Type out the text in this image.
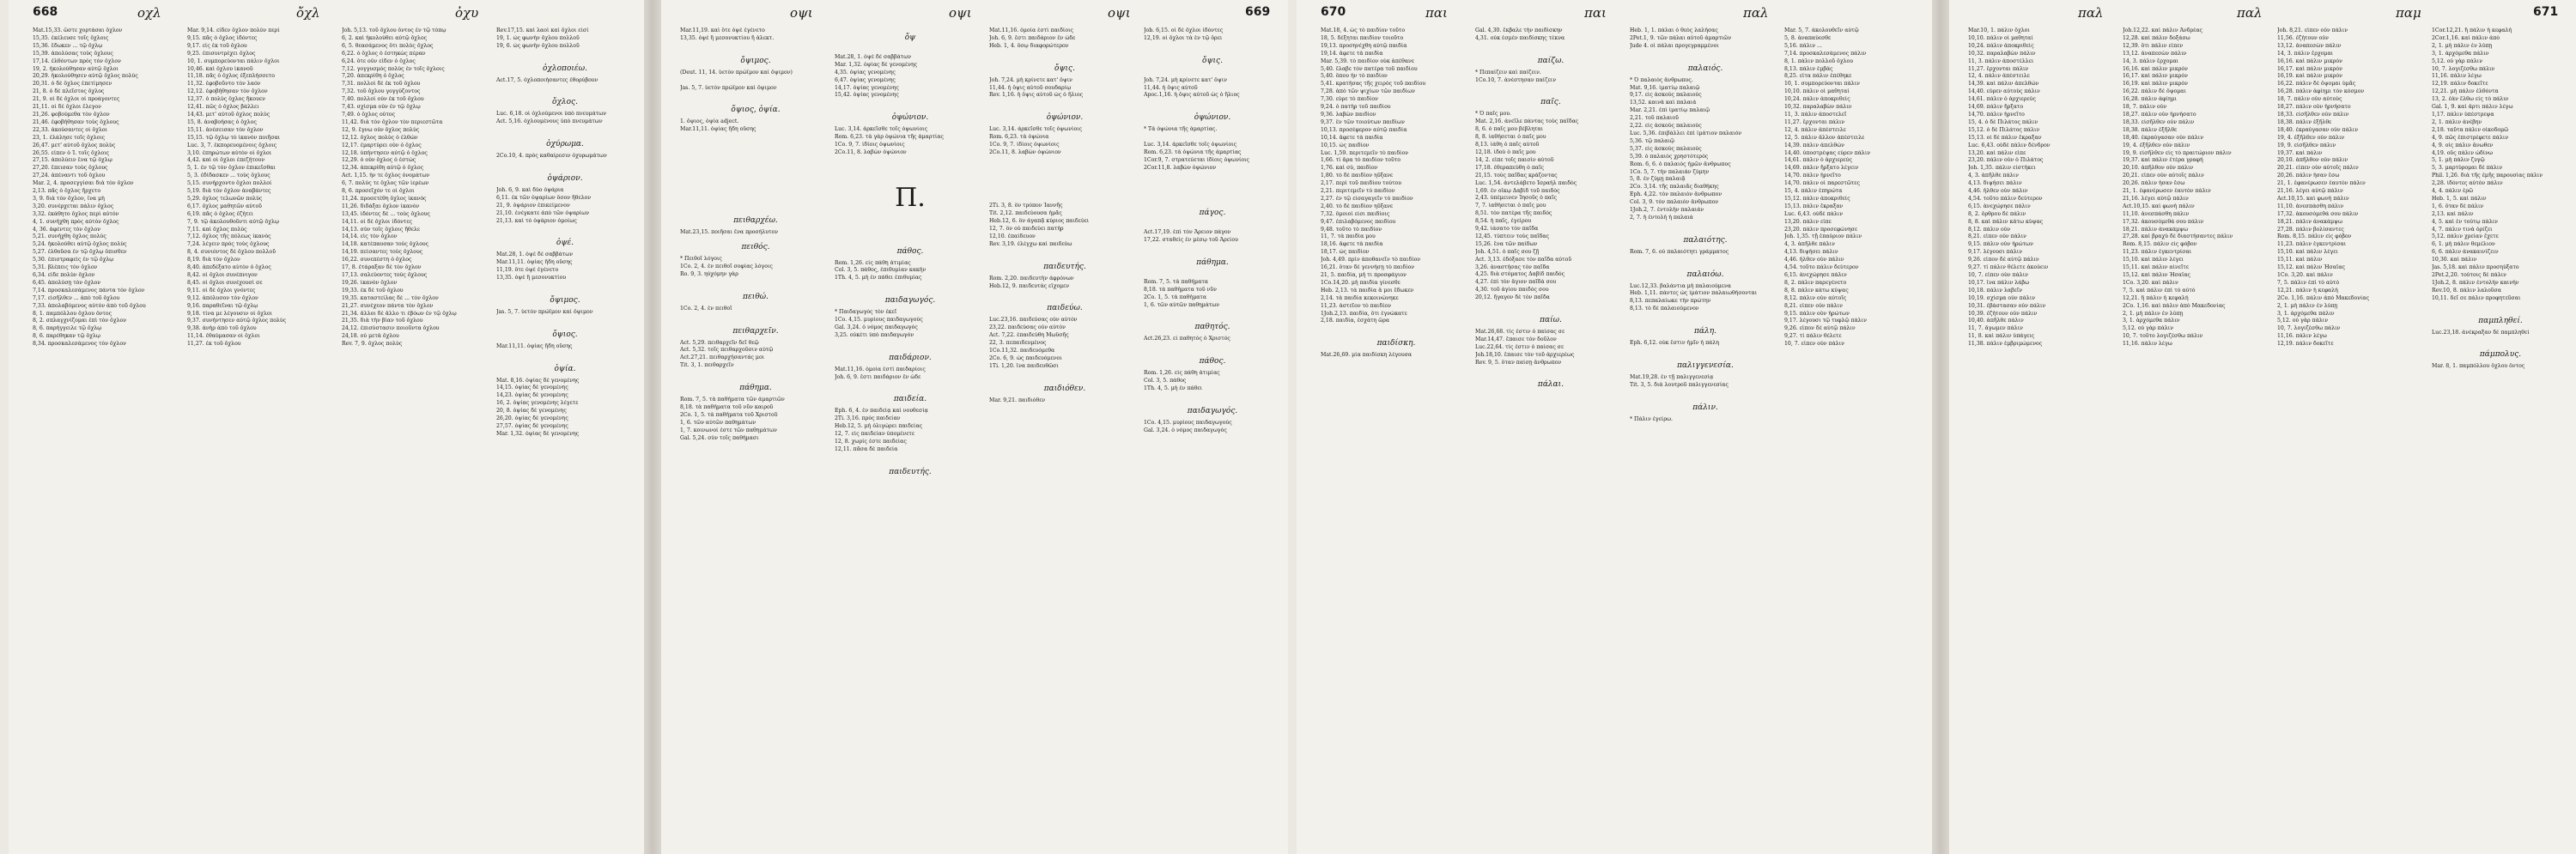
668	οχλ	ὄχλ	ὀχυ
Mat.15,33. ὥστε χορτάσαι ὄχλον
15,35. ἐκέλευσε τοῖς ὄχλοις
15,36. ἔδωκεν ... τῷ ὄχλῳ
15,39. ἀπολύσας τοὺς ὄχλους
17,14. ἐλθόντων πρὸς τὸν ὄχλον
19, 2. ἠκολούθησαν αὐτῷ ὄχλοι
20,29. ἠκολούθησεν αὐτῷ ὄχλος πολὺς
20,31. ὁ δὲ ὄχλος ἐπετίμησεν
21, 8. ὁ δὲ πλεῖστος ὄχλος
21, 9. οἱ δὲ ὄχλοι οἱ προάγοντες
21,11. οἱ δὲ ὄχλοι ἔλεγον
21,26. φοβούμεθα τὸν ὄχλον
21,46. ἐφοβήθησαν τοὺς ὄχλους
22,33. ἀκούσαντες οἱ ὄχλοι
23, 1. ἐλάλησε τοῖς ὄχλοις
26,47. μετ' αὐτοῦ ὄχλος πολὺς
26,55. εἶπεν ὁ Ἰ. τοῖς ὄχλοις
27,15. ἀπολύειν ἕνα τῷ ὄχλῳ
27,20. ἔπεισαν τοὺς ὄχλους
27,24. ἀπέναντι τοῦ ὄχλου
Mar. 2, 4. προσεγγίσαι διὰ τὸν ὄχλον
2,13. πᾶς ὁ ὄχλος ἤρχετο
3, 9. διὰ τὸν ὄχλον, ἵνα μὴ
3,20. συνέρχεται πάλιν ὄχλος
3,32. ἐκάθητο ὄχλος περὶ αὐτόν
4, 1. συνήχθη πρὸς αὐτὸν ὄχλος
4, 36. ἀφέντες τὸν ὄχλον
5,21. συνήχθη ὄχλος πολὺς
5,24. ἠκολούθει αὐτῷ ὄχλος πολὺς
5,27. ἐλθοῦσα ἐν τῷ ὄχλῳ ὄπισθεν
5,30. ἐπιστραφεὶς ἐν τῷ ὄχλῳ
5,31. βλέπεις τὸν ὄχλον
6,34. εἶδε πολὺν ὄχλον
6,45. ἀπολύσῃ τὸν ὄχλον
7,14. προσκαλεσάμενος πάντα τὸν ὄχλον
7,17. εἰσῆλθεν ... ἀπὸ τοῦ ὄχλου
7,33. ἀπολαβόμενος αὐτὸν ἀπὸ τοῦ ὄχλου
8, 1. παμπόλλου ὄχλου ὄντος
8, 2. σπλαγχνίζομαι ἐπὶ τὸν ὄχλον
8, 6. παρήγγειλε τῷ ὄχλῳ
8, 6. παρέθηκαν τῷ ὄχλῳ
8,34. προσκαλεσάμενος τὸν ὄχλον
Mar. 9,14. εἶδεν ὄχλον πολὺν περὶ
9,15. πᾶς ὁ ὄχλος ἰδόντες
9,17. εἷς ἐκ τοῦ ὄχλου
9,25. ἐπισυντρέχει ὄχλος
10, 1. συμπορεύονται πάλιν ὄχλοι
10,46. καὶ ὄχλου ἱκανοῦ
11,18. πᾶς ὁ ὄχλος ἐξεπλήσσετο
11,32. ἐφοβοῦντο τὸν λαόν
12,12. ἐφοβήθησαν τὸν ὄχλον
12,37. ὁ πολὺς ὄχλος ἤκουεν
12,41. πῶς ὁ ὄχλος βάλλει
14,43. μετ' αὐτοῦ ὄχλος πολὺς
15, 8. ἀναβοήσας ὁ ὄχλος
15,11. ἀνέσεισαν τὸν ὄχλον
15,15. τῷ ὄχλῳ τὸ ἱκανὸν ποιῆσαι
Luc. 3, 7. ἐκπορευομένοις ὄχλοις
3,10. ἐπηρώτων αὐτὸν οἱ ὄχλοι
4,42. καὶ οἱ ὄχλοι ἐπεζήτουν
5, 1. ἐν τῷ τὸν ὄχλον ἐπικεῖσθαι
5, 3. ἐδίδασκεν ... τοὺς ὄχλους
5,15. συνήρχοντο ὄχλοι πολλοί
5,19. διὰ τὸν ὄχλον ἀναβάντες
5,29. ὄχλος τελωνῶν πολύς
6,17. ὄχλος μαθητῶν αὐτοῦ
6,19. πᾶς ὁ ὄχλος ἐζήτει
7, 9. τῷ ἀκολουθοῦντι αὐτῷ ὄχλῳ
7,11. καὶ ὄχλος πολύς
7,12. ὄχλος τῆς πόλεως ἱκανὸς
7,24. λέγειν πρὸς τοὺς ὄχλους
8, 4. συνιόντος δὲ ὄχλου πολλοῦ
8,19. διὰ τὸν ὄχλον
8,40. ἀπεδέξατο αὐτὸν ὁ ὄχλος
8,42. οἱ ὄχλοι συνέπνιγον
8,45. οἱ ὄχλοι συνέχουσί σε
9,11. οἱ δὲ ὄχλοι γνόντες
9,12. ἀπόλυσον τὸν ὄχλον
9,16. παραθεῖναι τῷ ὄχλῳ
9,18. τίνα με λέγουσιν οἱ ὄχλοι
9,37. συνήντησεν αὐτῷ ὄχλος πολύς
9,38. ἀνὴρ ἀπὸ τοῦ ὄχλου
11,14. ἐθαύμασαν οἱ ὄχλοι
11,27. ἐκ τοῦ ὄχλου
Joh. 5,13. τοῦ ὄχλου ὄντος ἐν τῷ τόπῳ
6, 2. καὶ ἠκολούθει αὐτῷ ὄχλος
6, 5. θεασάμενος ὅτι πολὺς ὄχλος
6,22. ὁ ὄχλος ὁ ἑστηκὼς πέραν
6,24. ὅτε οὖν εἶδεν ὁ ὄχλος
7,12. γογγυσμὸς πολὺς ἐν τοῖς ὄχλοις
7,20. ἀπεκρίθη ὁ ὄχλος
7,31. πολλοὶ δὲ ἐκ τοῦ ὄχλου
7,32. τοῦ ὄχλου γογγύζοντος
7,40. πολλοὶ οὖν ἐκ τοῦ ὄχλου
7,43. σχίσμα οὖν ἐν τῷ ὄχλῳ
7,49. ὁ ὄχλος οὗτος
11,42. διὰ τὸν ὄχλον τὸν περιεστῶτα
12, 9. ἔγνω οὖν ὄχλος πολύς
12,12. ὄχλος πολὺς ὁ ἐλθών
12,17. ἐμαρτύρει οὖν ὁ ὄχλος
12,18. ὑπήντησεν αὐτῷ ὁ ὄχλος
12,29. ὁ οὖν ὄχλος ὁ ἑστώς
12,34. ἀπεκρίθη αὐτῷ ὁ ὄχλος
Act. 1,15. ἦν τε ὄχλος ὀνομάτων
6, 7. πολύς τε ὄχλος τῶν ἱερέων
8, 6. προσεῖχόν τε οἱ ὄχλοι
11,24. προσετέθη ὄχλος ἱκανός
11,26. διδάξαι ὄχλον ἱκανόν
13,45. ἰδόντες δὲ ... τοὺς ὄχλους
14,11. οἱ δὲ ὄχλοι ἰδόντες
14,13. σὺν τοῖς ὄχλοις ἤθελε
14,14. εἰς τὸν ὄχλον
14,18. κατέπαυσαν τοὺς ὄχλους
14,19. πείσαντες τοὺς ὄχλους
16,22. συνεπέστη ὁ ὄχλος
17, 8. ἐτάραξαν δὲ τὸν ὄχλον
17,13. σαλεύοντες τοὺς ὄχλους
19,26. ἱκανὸν ὄχλον
19,33. ἐκ δὲ τοῦ ὄχλου
19,35. καταστείλας δὲ ... τὸν ὄχλον
21,27. συνέχεον πάντα τὸν ὄχλον
21,34. ἄλλοι δὲ ἄλλο τι ἐβόων ἐν τῷ ὄχλῳ
21,35. διὰ τὴν βίαν τοῦ ὄχλου
24,12. ἐπισύστασιν ποιοῦντα ὄχλου
24,18. οὐ μετὰ ὄχλου
Rev. 7, 9. ὄχλος πολύς
Rev.17,15. καὶ λαοὶ καὶ ὄχλοι εἰσί
19, 1. ὡς φωνὴν ὄχλου πολλοῦ
19, 6. ὡς φωνὴν ὄχλου πολλοῦ

ὀχλοποιέω.
Act.17, 5. ὀχλοποιήσαντες ἐθορύβουν

ὄχλος.
Luc. 6,18. οἱ ὀχλούμενοι ὑπὸ πνευμάτων
Act. 5,16. ὀχλουμένους ὑπὸ πνευμάτων

ὀχύρωμα.
2Co.10, 4. πρὸς καθαίρεσιν ὀχυρωμάτων

ὀψάριον.
Joh. 6, 9. καὶ δύο ὀψάρια
6,11. ἐκ τῶν ὀψαρίων ὅσον ἤθελον
21, 9. ὀψάριον ἐπικείμενον
21,10. ἐνέγκατε ἀπὸ τῶν ὀψαρίων
21,13. καὶ τὸ ὀψάριον ὁμοίως

ὀψέ.
Mat.28, 1. ὀψὲ δὲ σαββάτων
Mar.11,11. ὀψίας ἤδη οὔσης
11,19. ὅτε ὀψὲ ἐγένετο
13,35. ὀψὲ ἢ μεσονυκτίου

ὄψιμος.
Jas. 5, 7. ὑετὸν πρώϊμον καὶ ὄψιμον

ὄψιος.
Mar.11,11. ὀψίας ἤδη οὔσης

ὀψία.
Mat. 8,16. ὀψίας δὲ γενομένης
14,15. ὀψίας δὲ γενομένης
14,23. ὀψίας δὲ γενομένης
16, 2. ὀψίας γενομένης λέγετε
20, 8. ὀψίας δὲ γενομένης
26,20. ὀψίας δὲ γενομένης
27,57. ὀψίας δὲ γενομένης
Mar. 1,32. ὀψίας δὲ γενομένης
οψι	οψι	οψι	669
Mar.11,19. καὶ ὅτε ὀψὲ ἐγένετο
13,35. ὀψὲ ἢ μεσονυκτίου ἢ ἀλεκτ.

ὄψιμος.
(Deut. 11, 14. ὑετὸν πρώϊμον καὶ ὄψιμον)

Jas. 5, 7. ὑετὸν πρώϊμον καὶ ὄψιμον

ὄψιος, ὀψία.
1. ὄψιος, ὀψία adject.
Mar.11,11. ὀψίας ἤδη οὔσης

πειθαρχέω.
Mat.23,15. ποιῆσαι ἕνα προσήλυτον
πειθός.
* Πειθοῖ λόγοις
1Co. 2, 4. ἐν πειθοῖ σοφίας λόγοις
Ro. 9, 3. ηὐχόμην γὰρ

πειθώ.
1Co. 2, 4. ἐν πειθοῖ

πειθαρχεῖν.
Act. 5,29. πειθαρχεῖν δεῖ θεῷ
Act. 5,32. τοῖς πειθαρχοῦσιν αὐτῷ
Act.27,21. πειθαρχήσαντάς μοι
Tit. 3, 1. πειθαρχεῖν

πάθημα.
Rom. 7, 5. τὰ παθήματα τῶν ἁμαρτιῶν
8,18. τὰ παθήματα τοῦ νῦν καιροῦ
2Co. 1, 5. τὰ παθήματα τοῦ Χριστοῦ
1, 6. τῶν αὐτῶν παθημάτων
1, 7. κοινωνοί ἐστε τῶν παθημάτων
Gal. 5,24. σὺν τοῖς παθήμασι
ὄψ

Mat.28, 1. ὀψὲ δὲ σαββάτων
Mar. 1,32. ὀψίας δὲ γενομένης
4,35. ὀψίας γενομένης
6,47. ὀψίας γενομένης
14,17. ὀψίας γενομένης
15,42. ὀψίας γενομένης

ὀψώνιον.
Luc. 3,14. ἀρκεῖσθε τοῖς ὀψωνίοις
Rom. 6,23. τὰ γὰρ ὀψώνια τῆς ἁμαρτίας
1Co. 9, 7. ἰδίοις ὀψωνίοις
2Co.11, 8. λαβὼν ὀψώνιον

Π.

πάθος.
Rom. 1,26. εἰς πάθη ἀτιμίας
Col. 3, 5. πάθος, ἐπιθυμίαν κακήν
1Th. 4, 5. μὴ ἐν πάθει ἐπιθυμίας

παιδαγωγός.
* Παιδαγωγὸς τὸν ἐκεῖ
1Co. 4,15. μυρίους παιδαγωγούς
Gal. 3,24. ὁ νόμος παιδαγωγὸς
3,25. οὐκέτι ὑπὸ παιδαγωγόν

παιδάριον.
Mat.11,16. ὁμοία ἐστὶ παιδαρίοις
Joh. 6, 9. ἔστι παιδάριον ἓν ὧδε

παιδεία.
Eph. 6, 4. ἐν παιδείᾳ καὶ νουθεσίᾳ
2Ti. 3,16. πρὸς παιδείαν
Heb.12, 5. μὴ ὀλιγώρει παιδείας
12, 7. εἰς παιδείαν ὑπομένετε
12, 8. χωρίς ἐστε παιδείας
12,11. πᾶσα δὲ παιδεία

παιδευτής.
Mat.11,16. ὁμοία ἐστὶ παιδίοις
Joh. 6, 9. ἔστι παιδάριον ἓν ὧδε
Heb. 1, 4. ὅσῳ διαφορώτερον

ὄψις.
Joh. 7,24. μὴ κρίνετε κατ' ὄψιν
11,44. ἡ ὄψις αὐτοῦ σουδαρίῳ
Rev. 1,16. ἡ ὄψις αὐτοῦ ὡς ὁ ἥλιος

ὀψώνιον.
Luc. 3,14. ἀρκεῖσθε τοῖς ὀψωνίοις
Rom. 6,23. τὰ ὀψώνια
1Co. 9, 7. ἰδίοις ὀψωνίοις
2Co.11, 8. λαβὼν ὀψώνιον

2Ti. 3, 8. ὃν τρόπον Ἰαννῆς
Tit. 2,12. παιδεύουσα ἡμᾶς
Heb.12, 6. ὃν ἀγαπᾷ κύριος παιδεύει
12, 7. ὃν οὐ παιδεύει πατήρ
12,10. ἐπαίδευον
Rev. 3,19. ἐλέγχω καὶ παιδεύω

παιδευτής.
Rom. 2,20. παιδευτὴν ἀφρόνων
Heb.12, 9. παιδευτὰς εἴχομεν

παιδεύω.
Luc.23,16. παιδεύσας οὖν αὐτόν
23,22. παιδεύσας οὖν αὐτόν
Act. 7,22. ἐπαιδεύθη Μωϋσῆς
22, 3. πεπαιδευμένος
1Co.11,32. παιδευόμεθα
2Co. 6, 9. ὡς παιδευόμενοι
1Ti. 1,20. ἵνα παιδευθῶσι

παιδιόθεν.
Mar. 9,21. παιδιόθεν

Job. 6,15. οἱ δὲ ὄχλοι ἰδόντες
12,19. οἱ ὄχλοι τὰ ἐν τῷ ὄρει

ὄψις.

Joh. 7,24. μὴ κρίνετε κατ' ὄψιν
11,44. ἡ ὄψις αὐτοῦ
Apoc.1,16. ἡ ὄψις αὐτοῦ ὡς ὁ ἥλιος

ὀψώνιον.
* Τὰ ὀψώνια τῆς ἁμαρτίας.

Luc. 3,14. ἀρκεῖσθε τοῖς ὀψωνίοις
Rom. 6,23. τὰ ὀψώνια τῆς ἁμαρτίας
1Cor.9, 7. στρατεύεται ἰδίοις ὀψωνίοις
2Cor.11,8. λαβὼν ὀψώνιον

πάγος.

Act.17,19. ἐπὶ τὸν Ἄρειον πάγον
17,22. σταθεὶς ἐν μέσῳ τοῦ Ἀρείου

πάθημα.

Rom. 7, 5. τὰ παθήματα
8,18. τὰ παθήματα τοῦ νῦν
2Co. 1, 5. τὰ παθήματα
1, 6. τῶν αὐτῶν παθημάτων

παθητός.
Act.26,23. εἰ παθητὸς ὁ Χριστός

πάθος.
Rom. 1,26. εἰς πάθη ἀτιμίας
Col. 3, 5. πάθος
1Th. 4, 5. μὴ ἐν πάθει

παιδαγωγός.
1Co. 4,15. μυρίους παιδαγωγούς
Gal. 3,24. ὁ νόμος παιδαγωγὸς
670	παι	παι	παλ
Mat.18, 4. ὡς τὸ παιδίον τοῦτο
18, 5. δέξηται παιδίον τοιοῦτο
19,13. προσηνέχθη αὐτῷ παιδία
19,14. ἄφετε τὰ παιδία
Mar. 5,39. τὸ παιδίον οὐκ ἀπέθανε
5,40. ἔλαβε τὸν πατέρα τοῦ παιδίου
5,40. ὅπου ἦν τὸ παιδίον
5,41. κρατήσας τῆς χειρὸς τοῦ παιδίου
7,28. ἀπὸ τῶν ψιχίων τῶν παιδίων
7,30. εὗρε τὸ παιδίον
9,24. ὁ πατὴρ τοῦ παιδίου
9,36. λαβὼν παιδίον
9,37. ἓν τῶν τοιούτων παιδίων
10,13. προσέφερον αὐτῷ παιδία
10,14. ἄφετε τὰ παιδία
10,15. ὡς παιδίον
Luc. 1,59. περιτεμεῖν τὸ παιδίον
1,66. τί ἄρα τὸ παιδίον τοῦτο
1,76. καὶ σὺ, παιδίον
1,80. τὸ δὲ παιδίον ηὔξανε
2,17. περὶ τοῦ παιδίου τούτου
2,21. περιτεμεῖν τὸ παιδίον
2,27. ἐν τῷ εἰσαγαγεῖν τὸ παιδίον
2,40. τὸ δὲ παιδίον ηὔξανε
7,32. ὅμοιοί εἰσι παιδίοις
9,47. ἐπιλαβόμενος παιδίου
9,48. τοῦτο τὸ παιδίον
11, 7. τὰ παιδία μου
18,16. ἄφετε τὰ παιδία
18,17. ὡς παιδίον
Joh. 4,49. πρὶν ἀποθανεῖν τὸ παιδίον
16,21. ὅταν δὲ γεννήσῃ τὸ παιδίον
21, 5. παιδία, μή τι προσφάγιον
1Co.14,20. μὴ παιδία γίνεσθε
Heb. 2,13. τὰ παιδία ἅ μοι ἔδωκεν
2,14. τὰ παιδία κεκοινώνηκε
11,23. ἀστεῖον τὸ παιδίον
1Joh.2,13. παιδία, ὅτι ἐγνώκατε
2,18. παιδία, ἐσχάτη ὥρα

παιδίσκη.
Mat.26,69. μία παιδίσκη λέγουσα
Gal. 4,30. ἔκβαλε τὴν παιδίσκην
4,31. οὐκ ἐσμὲν παιδίσκης τέκνα

παίζω.
* Πεπαίζειν καὶ παίζειν.
1Co.10, 7. ἀνέστησαν παίζειν

παῖς.
* Ὁ παῖς μου.
Mat. 2,16. ἀνεῖλε πάντας τοὺς παῖδας
8, 6. ὁ παῖς μου βέβληται
8, 8. ἰαθήσεται ὁ παῖς μου
8,13. ἰάθη ὁ παῖς αὐτοῦ
12,18. ἰδοὺ ὁ παῖς μου
14, 2. εἶπε τοῖς παισὶν αὐτοῦ
17,18. ἐθεραπεύθη ὁ παῖς
21,15. τοὺς παῖδας κράζοντας
Luc. 1,54. ἀντελάβετο Ἰσραὴλ παιδὸς
1,69. ἐν οἴκῳ Δαβὶδ τοῦ παιδὸς
2,43. ὑπέμεινεν Ἰησοῦς ὁ παῖς
7, 7. ἰαθήσεται ὁ παῖς μου
8,51. τὸν πατέρα τῆς παιδὸς
8,54. ἡ παῖς, ἐγείρου
9,42. ἰάσατο τὸν παῖδα
12,45. τύπτειν τοὺς παῖδας
15,26. ἕνα τῶν παίδων
Joh. 4,51. ὁ παῖς σου ζῇ
Act. 3,13. ἐδόξασε τὸν παῖδα αὐτοῦ
3,26. ἀναστήσας τὸν παῖδα
4,25. διὰ στόματος Δαβὶδ παιδός
4,27. ἐπὶ τὸν ἅγιον παῖδά σου
4,30. τοῦ ἁγίου παιδός σου
20,12. ἤγαγον δὲ τὸν παῖδα

παίω.
Mat.26,68. τίς ἐστιν ὁ παίσας σε
Mar.14,47. ἔπαισε τὸν δοῦλον
Luc.22,64. τίς ἐστιν ὁ παίσας σε
Joh.18,10. ἔπαισε τὸν τοῦ ἀρχιερέως
Rev. 9, 5. ὅταν παίσῃ ἄνθρωπον

πάλαι.
Heb. 1, 1. πάλαι ὁ θεὸς λαλήσας
2Pet.1, 9. τῶν πάλαι αὐτοῦ ἁμαρτιῶν
Jude 4. οἱ πάλαι προγεγραμμένοι

παλαιός.
* Ὁ παλαιὸς ἄνθρωπος.
Mat. 9,16. ἱματίῳ παλαιῷ
9,17. εἰς ἀσκοὺς παλαιούς
13,52. καινὰ καὶ παλαιά
Mar. 2,21. ἐπὶ ἱματίῳ παλαιῷ
2,21. τοῦ παλαιοῦ
2,22. εἰς ἀσκοὺς παλαιούς
Luc. 5,36. ἐπιβάλλει ἐπὶ ἱμάτιον παλαιόν
5,36. τῷ παλαιῷ
5,37. εἰς ἀσκοὺς παλαιούς
5,39. ὁ παλαιὸς χρηστότερός
Rom. 6, 6. ὁ παλαιὸς ἡμῶν ἄνθρωπος
1Co. 5, 7. τὴν παλαιὰν ζύμην
5, 8. ἐν ζύμῃ παλαιᾷ
2Co. 3,14. τῆς παλαιᾶς διαθήκης
Eph. 4,22. τὸν παλαιὸν ἄνθρωπον
Col. 3, 9. τὸν παλαιὸν ἄνθρωπον
1Joh.2, 7. ἐντολὴν παλαιάν
2, 7. ἡ ἐντολὴ ἡ παλαιά

παλαιότης.
Rom. 7, 6. οὐ παλαιότητι γράμματος

παλαιόω.
Luc.12,33. βαλάντια μὴ παλαιούμενα
Heb. 1,11. πάντες ὡς ἱμάτιον παλαιωθήσονται
8,13. πεπαλαίωκε τὴν πρώτην
8,13. τὸ δὲ παλαιούμενον

πάλη.
Eph. 6,12. οὐκ ἔστιν ἡμῖν ἡ πάλη

παλιγγενεσία.
Mat.19,28. ἐν τῇ παλιγγενεσίᾳ
Tit. 3, 5. διὰ λουτροῦ παλιγγενεσίας

πάλιν.
* Πάλιν ἐγείρω.
Mar. 5, 7. ἀκολουθεῖν αὐτῷ
5, 8. ἀναπαύεσθε
5,16. πάλιν ...
7,14. προσκαλεσάμενος πάλιν
8, 1. πάλιν πολλοῦ ὄχλου
8,13. πάλιν ἐμβὰς
8,25. εἶτα πάλιν ἐπέθηκε
10, 1. συμπορεύονται πάλιν
10,10. πάλιν οἱ μαθηταί
10,24. πάλιν ἀποκριθείς
10,32. παραλαβὼν πάλιν
11, 3. πάλιν ἀποστελεῖ
11,27. ἔρχονται πάλιν
12, 4. πάλιν ἀπέστειλε
12, 5. πάλιν ἄλλον ἀπέστειλε
14,39. πάλιν ἀπελθών
14,40. ὑποστρέψας εὗρεν πάλιν
14,61. πάλιν ὁ ἀρχιερεύς
14,69. πάλιν ἤρξατο λέγειν
14,70. πάλιν ἠρνεῖτο
14,70. πάλιν οἱ παρεστῶτες
15, 4. πάλιν ἐπηρώτα
15,12. πάλιν ἀποκριθείς
15,13. πάλιν ἔκραξαν
Luc. 6,43. οὐδὲ πάλιν
13,20. πάλιν εἶπε
23,20. πάλιν προσεφώνησε
Joh. 1,35. τῇ ἐπαύριον πάλιν
4, 3. ἀπῆλθε πάλιν
4,13. διψήσει πάλιν
4,46. ἦλθεν οὖν πάλιν
4,54. τοῦτο πάλιν δεύτερον
6,15. ἀνεχώρησε πάλιν
8, 2. πάλιν παρεγένετο
8, 8. πάλιν κάτω κύψας
8,12. πάλιν οὖν αὐτοῖς
8,21. εἶπεν οὖν πάλιν
9,15. πάλιν οὖν ἠρώτων
9,17. λέγουσι τῷ τυφλῷ πάλιν
9,26. εἶπον δὲ αὐτῷ πάλιν
9,27. τί πάλιν θέλετε
10, 7. εἶπεν οὖν πάλιν
παλ	παλ	παμ	671
Mar.10, 1. πάλιν ὄχλοι
10,10. πάλιν οἱ μαθηταί
10,24. πάλιν ἀποκριθείς
10,32. παραλαβὼν πάλιν
11, 3. πάλιν ἀποστέλλει
11,27. ἔρχονται πάλιν
12, 4. πάλιν ἀπέστειλε
14,39. καὶ πάλιν ἀπελθών
14,40. εὗρεν αὐτοὺς πάλιν
14,61. πάλιν ὁ ἀρχιερεύς
14,69. πάλιν ἤρξατο
14,70. πάλιν ἠρνεῖτο
15, 4. ὁ δὲ Πιλάτος πάλιν
15,12. ὁ δὲ Πιλάτος πάλιν
15,13. οἱ δὲ πάλιν ἔκραξαν
Luc. 6,43. οὐδὲ πάλιν δένδρον
13,20. καὶ πάλιν εἶπε
23,20. πάλιν οὖν ὁ Πιλάτος
Joh. 1,35. πάλιν εἱστήκει
4, 3. ἀπῆλθε πάλιν
4,13. διψήσει πάλιν
4,46. ἦλθεν οὖν πάλιν
4,54. τοῦτο πάλιν δεύτερον
6,15. ἀνεχώρησε πάλιν
8, 2. ὄρθρου δὲ πάλιν
8, 8. καὶ πάλιν κάτω κύψας
8,12. πάλιν οὖν
8,21. εἶπεν οὖν πάλιν
9,15. πάλιν οὖν ἠρώτων
9,17. λέγουσι πάλιν
9,26. εἶπον δὲ αὐτῷ πάλιν
9,27. τί πάλιν θέλετε ἀκούειν
10, 7. εἶπεν οὖν πάλιν
10,17. ἵνα πάλιν λάβω
10,18. πάλιν λαβεῖν
10,19. σχίσμα οὖν πάλιν
10,31. ἐβάστασαν οὖν πάλιν
10,39. ἐζήτουν οὖν πάλιν
10,40. ἀπῆλθε πάλιν
11, 7. ἄγωμεν πάλιν
11, 8. καὶ πάλιν ὑπάγεις
11,38. πάλιν ἐμβριμώμενος
Joh.12,22. καὶ πάλιν Ἀνδρέας
12,28. καὶ πάλιν δοξάσω
12,39. ὅτι πάλιν εἶπεν
13,12. ἀναπεσὼν πάλιν
14, 3. πάλιν ἔρχομαι
16,16. καὶ πάλιν μικρόν
16,17. καὶ πάλιν μικρόν
16,19. καὶ πάλιν μικρόν
16,22. πάλιν δὲ ὄψομαι
16,28. πάλιν ἀφίημι
18, 7. πάλιν οὖν
18,27. πάλιν οὖν ἠρνήσατο
18,33. εἰσῆλθεν οὖν πάλιν
18,38. πάλιν ἐξῆλθε
18,40. ἐκραύγασαν οὖν πάλιν
19, 4. ἐξῆλθεν οὖν πάλιν
19, 9. εἰσῆλθεν εἰς τὸ πραιτώριον πάλιν
19,37. καὶ πάλιν ἑτέρα γραφή
20,10. ἀπῆλθον οὖν πάλιν
20,21. εἶπεν οὖν αὐτοῖς πάλιν
20,26. πάλιν ἦσαν ἔσω
21, 1. ἐφανέρωσεν ἑαυτὸν πάλιν
21,16. λέγει αὐτῷ πάλιν
Act.10,15. καὶ φωνὴ πάλιν
11,10. ἀνεσπάσθη πάλιν
17,32. ἀκουσόμεθά σου πάλιν
18,21. πάλιν ἀνακάμψω
27,28. καὶ βραχὺ δὲ διαστήσαντες πάλιν
Rom. 8,15. πάλιν εἰς φόβον
11,23. πάλιν ἐγκεντρίσαι
15,10. καὶ πάλιν λέγει
15,11. καὶ πάλιν αἰνεῖτε
15,12. καὶ πάλιν Ἡσαΐας
1Co. 3,20. καὶ πάλιν
7, 5. καὶ πάλιν ἐπὶ τὸ αὐτό
12,21. ἢ πάλιν ἡ κεφαλή
2Co. 1,16. καὶ πάλιν ἀπὸ Μακεδονίας
2, 1. μὴ πάλιν ἐν λύπῃ
3, 1. ἀρχόμεθα πάλιν
5,12. οὐ γὰρ πάλιν
10, 7. τοῦτο λογιζέσθω πάλιν
11,16. πάλιν λέγω
Joh. 8,21. εἶπεν οὖν πάλιν
11,56. ἐζήτουν οὖν
13,12. ἀναπεσὼν πάλιν
14, 3. πάλιν ἔρχομαι
16,16. καὶ πάλιν μικρόν
16,17. καὶ πάλιν μικρόν
16,19. καὶ πάλιν μικρόν
16,22. πάλιν δὲ ὄψομαι ὑμᾶς
16,28. πάλιν ἀφίημι τὸν κόσμον
18, 7. πάλιν οὖν αὐτοὺς
18,27. πάλιν οὖν ἠρνήσατο
18,33. εἰσῆλθεν οὖν πάλιν
18,38. πάλιν ἐξῆλθε
18,40. ἐκραύγασαν οὖν πάλιν
19, 4. ἐξῆλθεν οὖν πάλιν
19, 9. εἰσῆλθεν πάλιν
19,37. καὶ πάλιν
20,10. ἀπῆλθον οὖν πάλιν
20,21. εἶπεν οὖν αὐτοῖς πάλιν
20,26. πάλιν ἦσαν ἔσω
21, 1. ἐφανέρωσεν ἑαυτὸν πάλιν
21,16. λέγει αὐτῷ πάλιν
Act.10,15. καὶ φωνὴ πάλιν
11,10. ἀνεσπάσθη πάλιν
17,32. ἀκουσόμεθά σου πάλιν
18,21. πάλιν ἀνακάμψω
27,28. πάλιν βολίσαντες
Rom. 8,15. πάλιν εἰς φόβον
11,23. πάλιν ἐγκεντρίσαι
15,10. καὶ πάλιν λέγει
15,11. καὶ πάλιν
15,12. καὶ πάλιν Ἡσαΐας
1Co. 3,20. καὶ πάλιν
7, 5. πάλιν ἐπὶ τὸ αὐτό
12,21. πάλιν ἡ κεφαλή
2Co. 1,16. πάλιν ἀπὸ Μακεδονίας
2, 1. μὴ πάλιν ἐν λύπῃ
3, 1. ἀρχόμεθα πάλιν
5,12. οὐ γὰρ πάλιν
10, 7. λογιζέσθω πάλιν
11,16. πάλιν λέγω
12,19. πάλιν δοκεῖτε
1Cor.12,21. ἢ πάλιν ἡ κεφαλή
2Cor.1,16. καὶ πάλιν ἀπὸ
2, 1. μὴ πάλιν ἐν λύπῃ
3, 1. ἀρχόμεθα πάλιν
5,12. οὐ γὰρ πάλιν
10, 7. λογιζέσθω πάλιν
11,16. πάλιν λέγω
12,19. πάλιν δοκεῖτε
12,21. μὴ πάλιν ἐλθόντα
13, 2. ἐὰν ἔλθω εἰς τὸ πάλιν
Gal. 1, 9. καὶ ἄρτι πάλιν λέγω
1,17. πάλιν ὑπέστρεψα
2, 1. πάλιν ἀνέβην
2,18. ταῦτα πάλιν οἰκοδομῶ
4, 9. πῶς ἐπιστρέφετε πάλιν
4, 9. οἷς πάλιν ἄνωθεν
4,19. οὓς πάλιν ὠδίνω
5, 1. μὴ πάλιν ζυγῷ
5, 3. μαρτύρομαι δὲ πάλιν
Phil. 1,26. διὰ τῆς ἐμῆς παρουσίας πάλιν
2,28. ἰδόντες αὐτὸν πάλιν
4, 4. πάλιν ἐρῶ
Heb. 1, 5. καὶ πάλιν
1, 6. ὅταν δὲ πάλιν
2,13. καὶ πάλιν
4, 5. καὶ ἐν τούτῳ πάλιν
4, 7. πάλιν τινὰ ὁρίζει
5,12. πάλιν χρείαν ἔχετε
6, 1. μὴ πάλιν θεμέλιον
6, 6. πάλιν ἀνακαινίζειν
10,30. καὶ πάλιν
Jas. 5,18. καὶ πάλιν προσηύξατο
2Pet.2,20. τούτοις δὲ πάλιν
1Joh.2, 8. πάλιν ἐντολὴν καινήν
Rev.10, 8. πάλιν λαλοῦσα
10,11. δεῖ σε πάλιν προφητεῦσαι

παμπληθεί.
Luc.23,18. ἀνέκραξαν δὲ παμπληθεί

πάμπολυς.
Mar. 8, 1. παμπόλλου ὄχλου ὄντος
